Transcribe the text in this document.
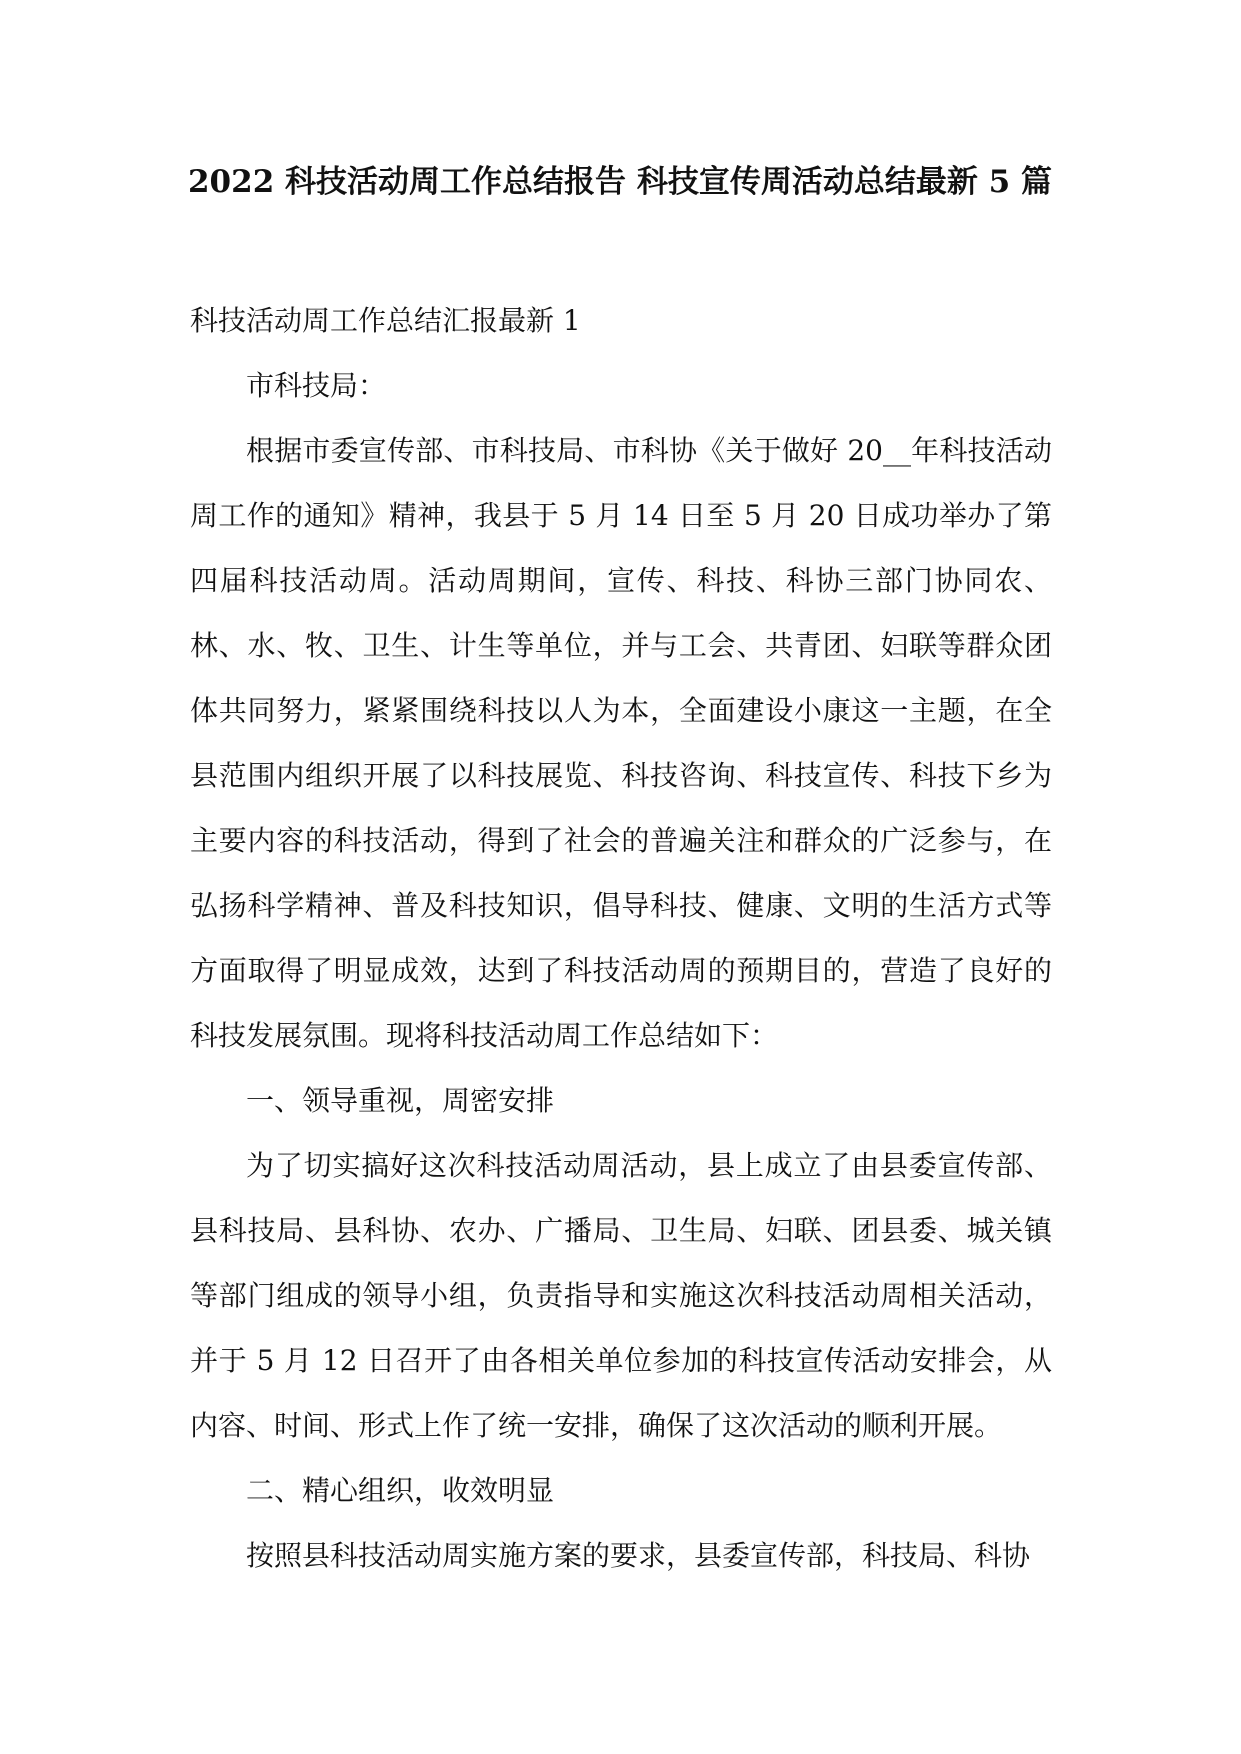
2022 科技活动周工作总结报告 科技宣传周活动总结最新 5 篇

科技活动周工作总结汇报最新 1

市科技局：

根据市委宣传部、市科技局、市科协《关于做好 20__年科技活动周工作的通知》精神，我县于 5 月 14 日至 5 月 20 日成功举办了第四届科技活动周。活动周期间，宣传、科技、科协三部门协同农、林、水、牧、卫生、计生等单位，并与工会、共青团、妇联等群众团体共同努力，紧紧围绕科技以人为本，全面建设小康这一主题，在全县范围内组织开展了以科技展览、科技咨询、科技宣传、科技下乡为主要内容的科技活动，得到了社会的普遍关注和群众的广泛参与，在弘扬科学精神、普及科技知识，倡导科技、健康、文明的生活方式等方面取得了明显成效，达到了科技活动周的预期目的，营造了良好的科技发展氛围。现将科技活动周工作总结如下：

一、领导重视，周密安排

为了切实搞好这次科技活动周活动，县上成立了由县委宣传部、县科技局、县科协、农办、广播局、卫生局、妇联、团县委、城关镇等部门组成的领导小组，负责指导和实施这次科技活动周相关活动，并于 5 月 12 日召开了由各相关单位参加的科技宣传活动安排会，从内容、时间、形式上作了统一安排，确保了这次活动的顺利开展。

二、精心组织，收效明显

按照县科技活动周实施方案的要求，县委宣传部，科技局、科协
